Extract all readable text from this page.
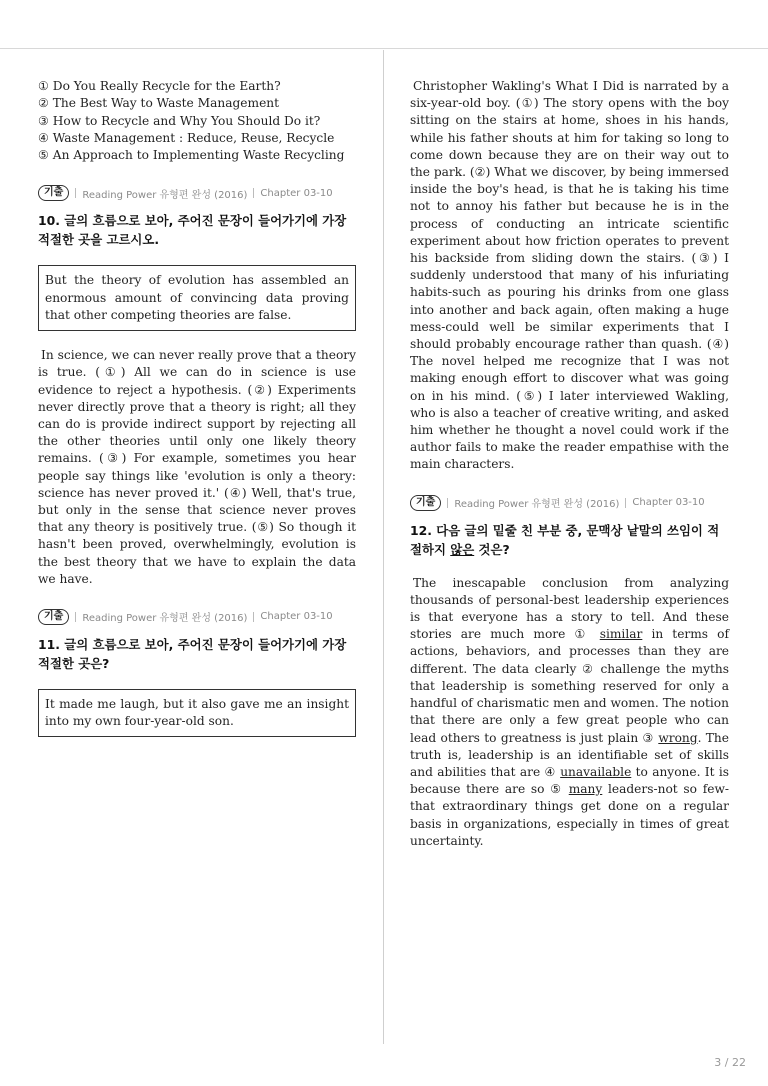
① Do You Really Recycle for the Earth?
② The Best Way to Waste Management
③ How to Recycle and Why You Should Do it?
④ Waste Management : Reduce, Reuse, Recycle
⑤ An Approach to Implementing Waste Recycling
기출	Reading Power 유형편 완성 (2016) Chapter 03-10
10. 글의 흐름으로 보아, 주어진 문장이 들어가기에 가장 적절한 곳을 고르시오.
But the theory of evolution has assembled an enormous amount of convincing data proving that other competing theories are false.
In science, we can never really prove that a theory is true. (①) All we can do in science is use evidence to reject a hypothesis. (②) Experiments never directly prove that a theory is right; all they can do is provide indirect support by rejecting all the other theories until only one likely theory remains. (③) For example, sometimes you hear people say things like 'evolution is only a theory: science has never proved it.' (④) Well, that's true, but only in the sense that science never proves that any theory is positively true. (⑤) So though it hasn't been proved, overwhelmingly, evolution is the best theory that we have to explain the data we have.
기출	Reading Power 유형편 완성 (2016) Chapter 03-10
11. 글의 흐름으로 보아, 주어진 문장이 들어가기에 가장 적절한 곳은?
It made me laugh, but it also gave me an insight into my own four-year-old son.
Christopher Wakling's What I Did is narrated by a six-year-old boy. (①) The story opens with the boy sitting on the stairs at home, shoes in his hands, while his father shouts at him for taking so long to come down because they are on their way out to the park. (②) What we discover, by being immersed inside the boy's head, is that he is taking his time not to annoy his father but because he is in the process of conducting an intricate scientific experiment about how friction operates to prevent his backside from sliding down the stairs. (③) I suddenly understood that many of his infuriating habits-such as pouring his drinks from one glass into another and back again, often making a huge mess-could well be similar experiments that I should probably encourage rather than quash. (④) The novel helped me recognize that I was not making enough effort to discover what was going on in his mind. (⑤) I later interviewed Wakling, who is also a teacher of creative writing, and asked him whether he thought a novel could work if the author fails to make the reader empathise with the main characters.
기출	Reading Power 유형편 완성 (2016) Chapter 03-10
12. 다음 글의 밑줄 친 부분 중, 문맥상 낱말의 쓰임이 적절하지 않은 것은?
The inescapable conclusion from analyzing thousands of personal-best leadership experiences is that everyone has a story to tell. And these stories are much more ① similar in terms of actions, behaviors, and processes than they are different. The data clearly ② challenge the myths that leadership is something reserved for only a handful of charismatic men and women. The notion that there are only a few great people who can lead others to greatness is just plain ③ wrong. The truth is, leadership is an identifiable set of skills and abilities that are ④ unavailable to anyone. It is because there are so ⑤ many leaders-not so few-that extraordinary things get done on a regular basis in organizations, especially in times of great uncertainty.
3 / 22
